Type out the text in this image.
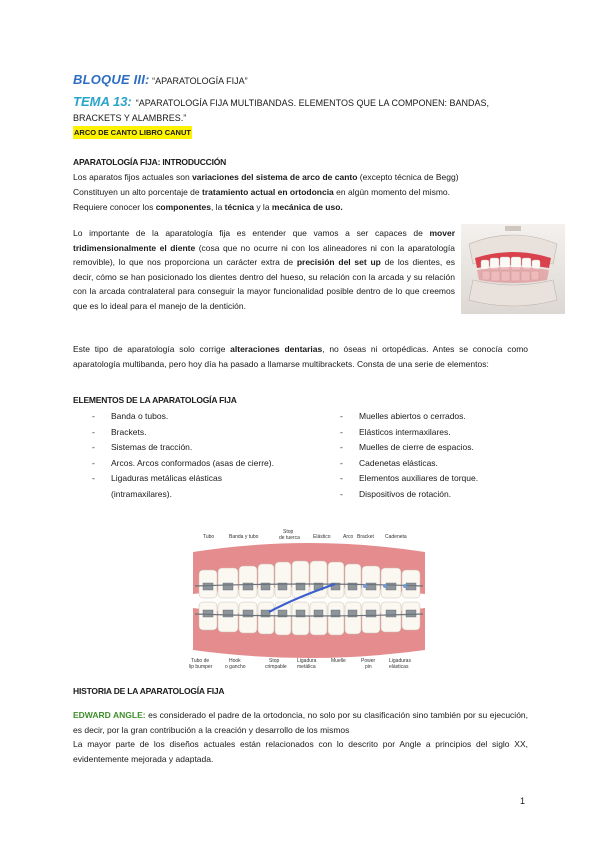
BLOQUE III: “APARATOLOGÍA FIJA”
TEMA 13: “APARATOLOGÍA FIJA MULTIBANDAS. ELEMENTOS QUE LA COMPONEN: BANDAS, BRACKETS Y ALAMBRES.”
ARCO DE CANTO LIBRO CANUT
APARATOLOGÍA FIJA: INTRODUCCIÓN
Los aparatos fijos actuales son variaciones del sistema de arco de canto (excepto técnica de Begg)
Constituyen un alto porcentaje de tratamiento actual en ortodoncia en algún momento del mismo.
Requiere conocer los componentes, la técnica y la mecánica de uso.
Lo importante de la aparatología fija es entender que vamos a ser capaces de mover tridimensionalmente el diente (cosa que no ocurre ni con los alineadores ni con la aparatología removible), lo que nos proporciona un carácter extra de precisión del set up de los dientes, es decir, cómo se han posicionado los dientes dentro del hueso, su relación con la arcada y su relación con la arcada contralateral para conseguir la mayor funcionalidad posible dentro de lo que creemos que es lo ideal para el manejo de la dentición.
Este tipo de aparatología solo corrige alteraciones dentarias, no óseas ni ortopédicas. Antes se conocía como aparatología multibanda, pero hoy día ha pasado a llamarse multibrackets. Consta de una serie de elementos:
ELEMENTOS DE LA APARATOLOGÍA FIJA
- Banda o tubos.
- Brackets.
- Sistemas de tracción.
- Arcos. Arcos conformados (asas de cierre).
- Ligaduras metálicas elásticas (intramaxilares).
- Muelles abiertos o cerrados.
- Elásticos intermaxilares.
- Muelles de cierre de espacios.
- Cadenetas elásticas.
- Elementos auxiliares de torque.
- Dispositivos de rotación.
Tubo	Banda y tubo
Stop
de tuerca	Elástico Arco Bracket Cadeneta
Tubo de
lip bumper
Hook
o gancho
Stop
crimpable
Ligadura
metálica
Muelle	Power
pin
Ligaduras
elásticas
HISTORIA DE LA APARATOLOGÍA FIJA
EDWARD ANGLE: es considerado el padre de la ortodoncia, no solo por su clasificación sino también por su ejecución, es decir, por la gran contribución a la creación y desarrollo de los mismos
La mayor parte de los diseños actuales están relacionados con lo descrito por Angle a principios del siglo XX, evidentemente mejorada y adaptada.
1
